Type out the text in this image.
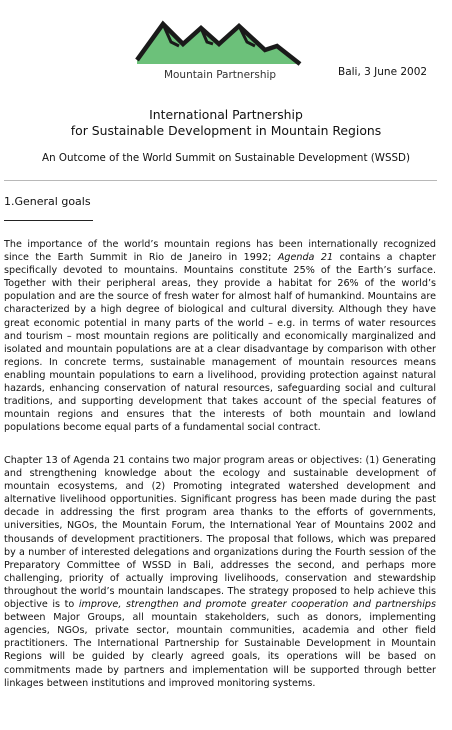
Mountain Partnership	Bali, 3 June 2002
International Partnership
for Sustainable Development in Mountain Regions
An Outcome of the World Summit on Sustainable Development (WSSD)
1.General goals

The importance of the world’s mountain regions has been internationally recognized since the Earth Summit in Rio de Janeiro in 1992; Agenda 21 contains a chapter specifically devoted to mountains. Mountains constitute 25% of the Earth’s surface. Together with their peripheral areas, they provide a habitat for 26% of the world’s population and are the source of fresh water for almost half of humankind. Mountains are characterized by a high degree of biological and cultural diversity. Although they have great economic potential in many parts of the world – e.g. in terms of water resources and tourism – most mountain regions are politically and economically marginalized and isolated and mountain populations are at a clear disadvantage by comparison with other regions. In concrete terms, sustainable management of mountain resources means enabling mountain populations to earn a livelihood, providing protection against natural hazards, enhancing conservation of natural resources, safeguarding social and cultural traditions, and supporting development that takes account of the special features of mountain regions and ensures that the interests of both mountain and lowland populations become equal parts of a fundamental social contract.

Chapter 13 of Agenda 21 contains two major program areas or objectives: (1) Generating and strengthening knowledge about the ecology and sustainable development of mountain ecosystems, and (2) Promoting integrated watershed development and alternative livelihood opportunities. Significant progress has been made during the past decade in addressing the first program area thanks to the efforts of governments, universities, NGOs, the Mountain Forum, the International Year of Mountains 2002 and thousands of development practitioners. The proposal that follows, which was prepared by a number of interested delegations and organizations during the Fourth session of the Preparatory Committee of WSSD in Bali, addresses the second, and perhaps more challenging, priority of actually improving livelihoods, conservation and stewardship throughout the world’s mountain landscapes. The strategy proposed to help achieve this objective is to improve, strengthen and promote greater cooperation and partnerships between Major Groups, all mountain stakeholders, such as donors, implementing agencies, NGOs, private sector, mountain communities, academia and other field practitioners. The International Partnership for Sustainable Development in Mountain Regions will be guided by clearly agreed goals, its operations will be based on commitments made by partners and implementation will be supported through better linkages between institutions and improved monitoring systems.
